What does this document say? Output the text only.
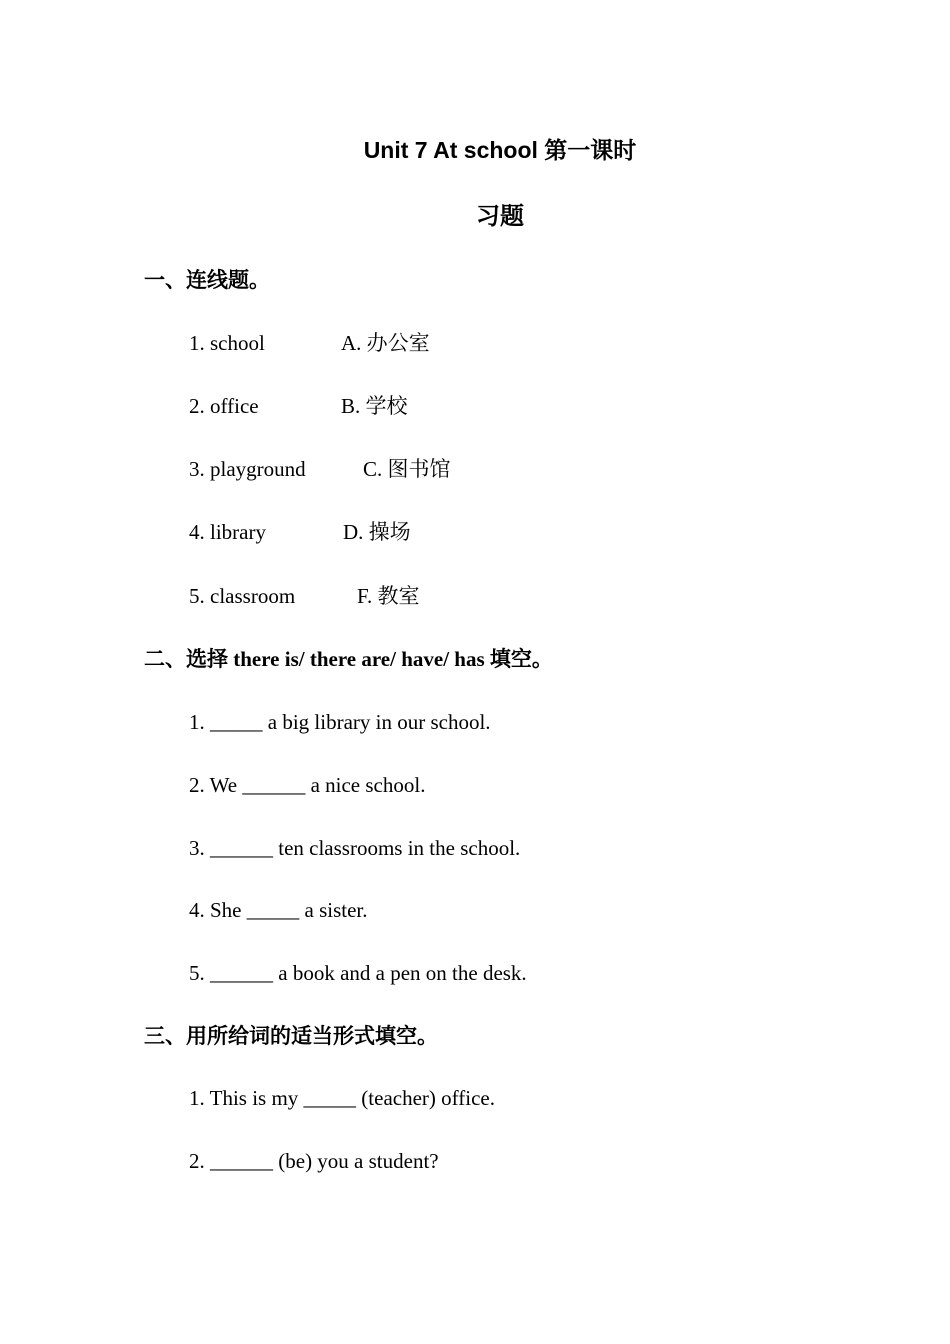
Unit 7 At school 第一课时
习题
一、连线题。
1. school	A. 办公室
2. office	B. 学校
3. playground	C. 图书馆
4. library	D. 操场
5. classroom	F. 教室
二、选择 there is/ there are/ have/ has 填空。
1. _____ a big library in our school.
2. We ______ a nice school.
3. ______ ten classrooms in the school.
4. She _____ a sister.
5. ______ a book and a pen on the desk.
三、用所给词的适当形式填空。
1. This is my _____ (teacher) office.
2. ______ (be) you a student?
